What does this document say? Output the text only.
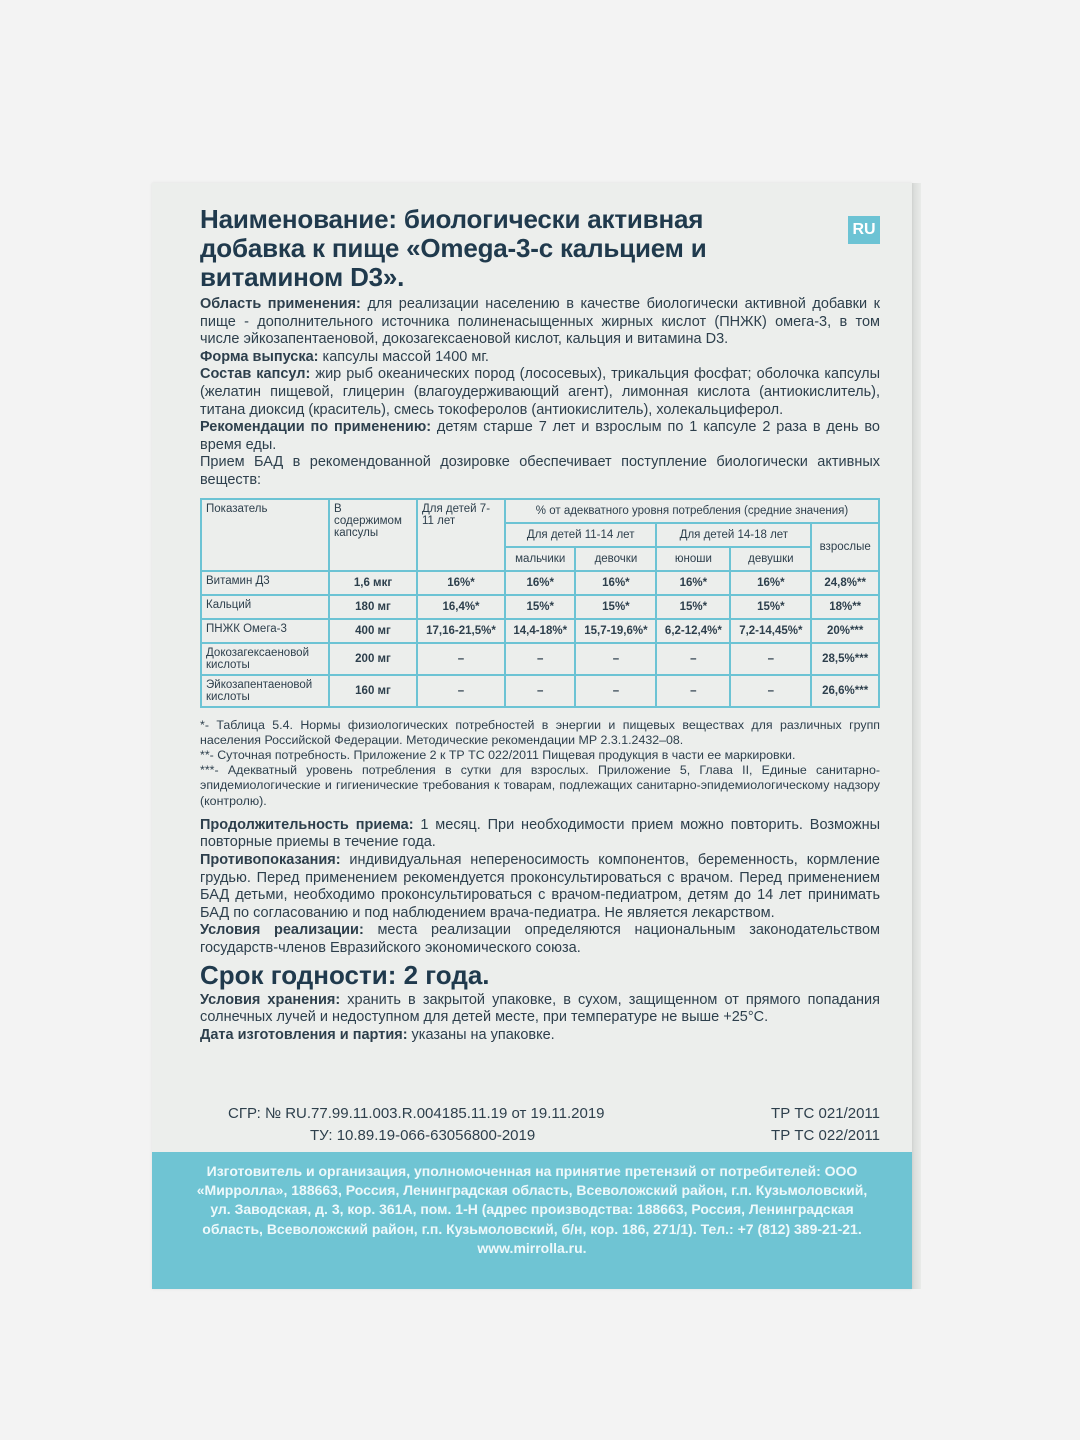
RU
Наименование: биологически активная добавка к пище «Omega-3-с кальцием и витамином D3».

Область применения: для реализации населению в качестве биологически активной добавки к пище - дополнительного источника полиненасыщенных жирных кислот (ПНЖК) омега-3, в том числе эйкозапентаеновой, докозагексаеновой кислот, кальция и витамина D3.

Форма выпуска: капсулы массой 1400 мг.

Состав капсул: жир рыб океанических пород (лососевых), трикальция фосфат; оболочка капсулы (желатин пищевой, глицерин (влагоудерживающий агент), лимонная кислота (антиокислитель), титана диоксид (краситель), смесь токоферолов (антиокислитель), холекальциферол.

Рекомендации по применению: детям старше 7 лет и взрослым по 1 капсуле 2 раза в день во время еды.

Прием БАД в рекомендованной дозировке обеспечивает поступление биологически активных веществ:

Показатель	В содержимом капсулы	Для детей 7-11 лет	% от адекватного уровня потребления (средние значения)				
			Для детей 11-14 лет		Для детей 14-18 лет		взрослые
			мальчики	девочки	юноши	девушки	
Витамин Д3	1,6 мкг	16%*	16%*	16%*	16%*	16%*	24,8%**
Кальций	180 мг	16,4%*	15%*	15%*	15%*	15%*	18%**
ПНЖК Омега-3	400 мг	17,16-21,5%*	14,4-18%*	15,7-19,6%*	6,2-12,4%*	7,2-14,45%*	20%***
Докозагексаеновой кислоты	200 мг	–	–	–	–	–	28,5%***
Эйкозапентаеновой кислоты	160 мг	–	–	–	–	–	26,6%***
*- Таблица 5.4. Нормы физиологических потребностей в энергии и пищевых веществах для различных групп населения Российской Федерации. Методические рекомендации МР 2.3.1.2432–08.
**- Суточная потребность. Приложение 2 к ТР ТС 022/2011 Пищевая продукция в части ее маркировки.
***- Адекватный уровень потребления в сутки для взрослых. Приложение 5, Глава II, Единые санитарно-эпидемиологические и гигиенические требования к товарам, подлежащих санитарно-эпидемиологическому надзору (контролю).

Продолжительность приема: 1 месяц. При необходимости прием можно повторить. Возможны повторные приемы в течение года.

Противопоказания: индивидуальная непереносимость компонентов, беременность, кормление грудью. Перед применением рекомендуется проконсультироваться с врачом. Перед применением БАД детьми, необходимо проконсультироваться с врачом-педиатром, детям до 14 лет принимать БАД по согласованию и под наблюдением врача-педиатра. Не является лекарством.

Условия реализации: места реализации определяются национальным законодательством государств-членов Евразийского экономического союза.

Срок годности: 2 года.

Условия хранения: хранить в закрытой упаковке, в сухом, защищенном от прямого попадания солнечных лучей и недоступном для детей месте, при температуре не выше +25°C.

Дата изготовления и партия: указаны на упаковке.

СГР: № RU.77.99.11.003.R.004185.11.19 от 19.11.2019	ТР ТС 021/2011
ТУ: 10.89.19-066-63056800-2019	ТР ТС 022/2011
Изготовитель и организация, уполномоченная на принятие претензий от потребителей: ООО «Мирролла», 188663, Россия, Ленинградская область, Всеволожский район, г.п. Кузьмоловский, ул. Заводская, д. 3, кор. 361А, пом. 1-Н (адрес производства: 188663, Россия, Ленинградская область, Всеволожский район, г.п. Кузьмоловский, б/н, кор. 186, 271/1). Тел.: +7 (812) 389-21-21. www.mirrolla.ru.
